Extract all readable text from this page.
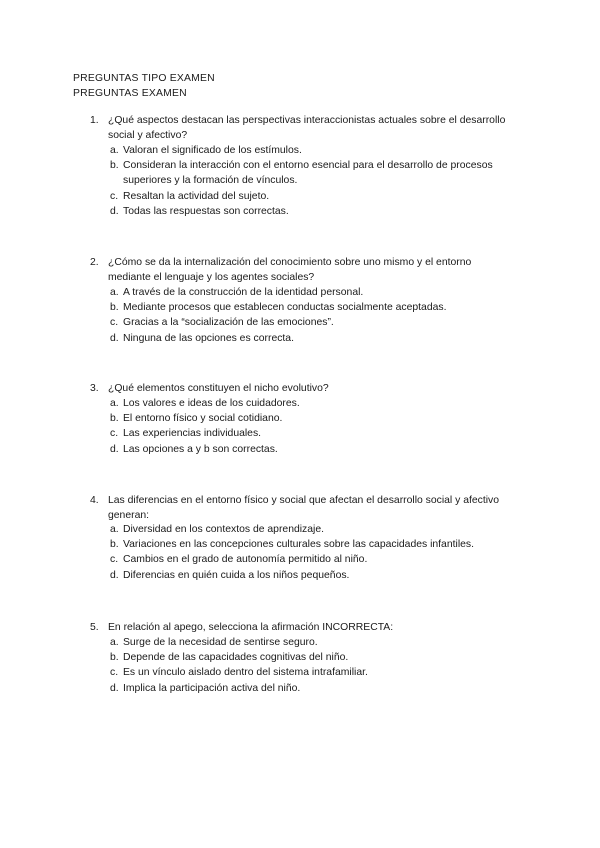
PREGUNTAS TIPO EXAMEN
PREGUNTAS EXAMEN
1. ¿Qué aspectos destacan las perspectivas interaccionistas actuales sobre el desarrollo social y afectivo?
a. Valoran el significado de los estímulos.
b. Consideran la interacción con el entorno esencial para el desarrollo de procesos superiores y la formación de vínculos.
c. Resaltan la actividad del sujeto.
d. Todas las respuestas son correctas.
2. ¿Cómo se da la internalización del conocimiento sobre uno mismo y el entorno mediante el lenguaje y los agentes sociales?
a. A través de la construcción de la identidad personal.
b. Mediante procesos que establecen conductas socialmente aceptadas.
c. Gracias a la “socialización de las emociones”.
d. Ninguna de las opciones es correcta.
3. ¿Qué elementos constituyen el nicho evolutivo?
a. Los valores e ideas de los cuidadores.
b. El entorno físico y social cotidiano.
c. Las experiencias individuales.
d. Las opciones a y b son correctas.
4. Las diferencias en el entorno físico y social que afectan el desarrollo social y afectivo generan:
a. Diversidad en los contextos de aprendizaje.
b. Variaciones en las concepciones culturales sobre las capacidades infantiles.
c. Cambios en el grado de autonomía permitido al niño.
d. Diferencias en quién cuida a los niños pequeños.
5. En relación al apego, selecciona la afirmación INCORRECTA:
a. Surge de la necesidad de sentirse seguro.
b. Depende de las capacidades cognitivas del niño.
c. Es un vínculo aislado dentro del sistema intrafamiliar.
d. Implica la participación activa del niño.
